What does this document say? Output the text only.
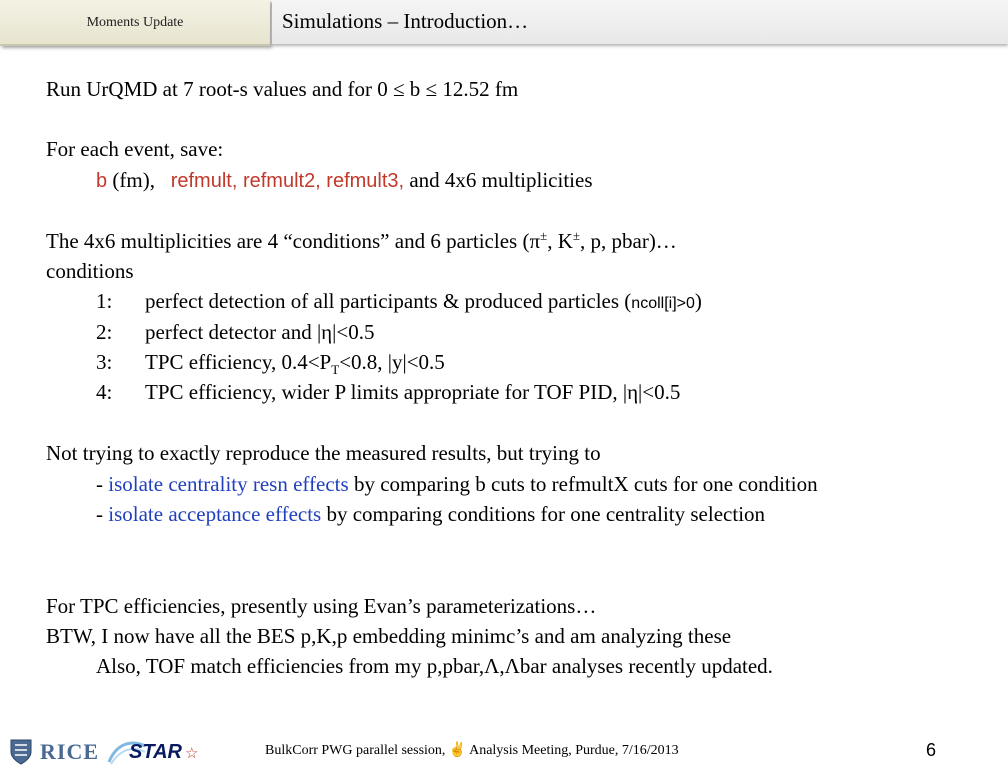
Moments Update	Simulations – Introduction…
Run UrQMD at 7 root-s values and for 0 ≤ b ≤ 12.52 fm
For each event, save:
b (fm), refmult, refmult2, refmult3, and 4x6 multiplicities
The 4x6 multiplicities are 4 “conditions” and 6 particles (π±, K±, p, pbar)…
conditions
1: perfect detection of all participants & produced particles (ncoll[i]>0)
2: perfect detector and |η|<0.5
3: TPC efficiency, $0.4<P_T<0.8$, |y|<0.5
4: TPC efficiency, wider P limits appropriate for TOF PID, |η|<0.5
Not trying to exactly reproduce the measured results, but trying to
- isolate centrality resn effects by comparing b cuts to refmultX cuts for one condition
- isolate acceptance effects by comparing conditions for one centrality selection
For TPC efficiencies, presently using Evan’s parameterizations…
BTW, I now have all the BES p,K,p embedding minimc’s and am analyzing these
Also, TOF match efficiencies from my p,pbar,Λ,Λbar analyses recently updated.
RICE STAR ☆	BulkCorr PWG parallel session, ✌ Analysis Meeting, Purdue, 7/16/2013	6
